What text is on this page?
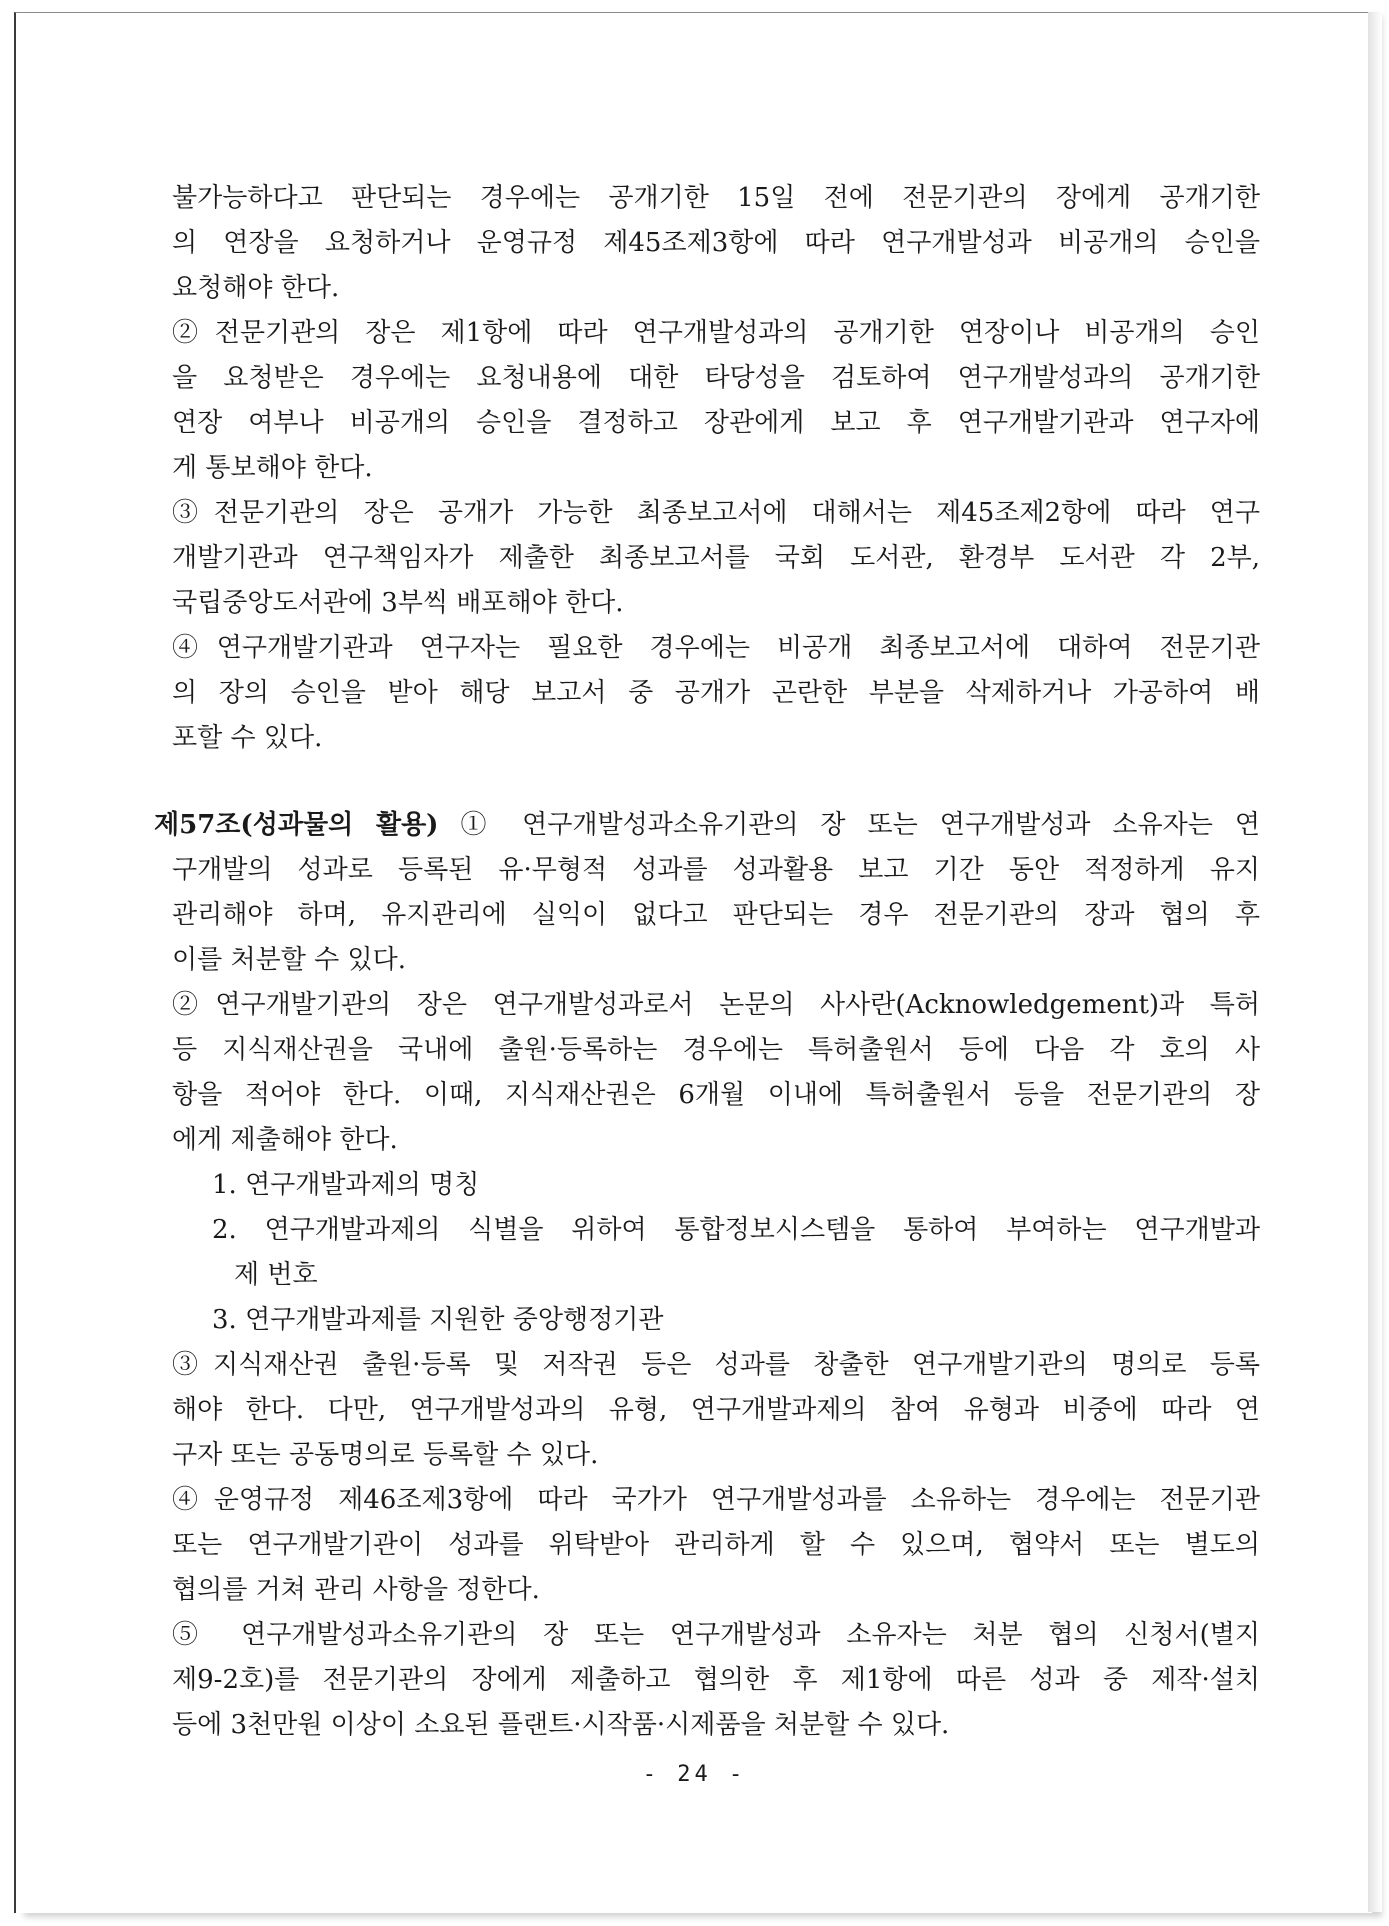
불가능하다고 판단되는 경우에는 공개기한 15일 전에 전문기관의 장에게 공개기한
의 연장을 요청하거나 운영규정 제45조제3항에 따라 연구개발성과 비공개의 승인을
요청해야 한다.
②전문기관의 장은 제1항에 따라 연구개발성과의 공개기한 연장이나 비공개의 승인
을 요청받은 경우에는 요청내용에 대한 타당성을 검토하여 연구개발성과의 공개기한
연장 여부나 비공개의 승인을 결정하고 장관에게 보고 후 연구개발기관과 연구자에
게 통보해야 한다.
③전문기관의 장은 공개가 가능한 최종보고서에 대해서는 제45조제2항에 따라 연구
개발기관과 연구책임자가 제출한 최종보고서를 국회 도서관, 환경부 도서관 각 2부,
국립중앙도서관에 3부씩 배포해야 한다.
④연구개발기관과 연구자는 필요한 경우에는 비공개 최종보고서에 대하여 전문기관
의 장의 승인을 받아 해당 보고서 중 공개가 곤란한 부분을 삭제하거나 가공하여 배
포할 수 있다.
제57조(성과물의 활용) ① 연구개발성과소유기관의 장 또는 연구개발성과 소유자는 연
구개발의 성과로 등록된 유·무형적 성과를 성과활용 보고 기간 동안 적정하게 유지
관리해야 하며, 유지관리에 실익이 없다고 판단되는 경우 전문기관의 장과 협의 후
이를 처분할 수 있다.
②연구개발기관의 장은 연구개발성과로서 논문의 사사란(Acknowledgement)과 특허
등 지식재산권을 국내에 출원·등록하는 경우에는 특허출원서 등에 다음 각 호의 사
항을 적어야 한다. 이때, 지식재산권은 6개월 이내에 특허출원서 등을 전문기관의 장
에게 제출해야 한다.
1. 연구개발과제의 명칭
2. 연구개발과제의 식별을 위하여 통합정보시스템을 통하여 부여하는 연구개발과
제 번호
3. 연구개발과제를 지원한 중앙행정기관
③지식재산권 출원·등록 및 저작권 등은 성과를 창출한 연구개발기관의 명의로 등록
해야 한다. 다만, 연구개발성과의 유형, 연구개발과제의 참여 유형과 비중에 따라 연
구자 또는 공동명의로 등록할 수 있다.
④운영규정 제46조제3항에 따라 국가가 연구개발성과를 소유하는 경우에는 전문기관
또는 연구개발기관이 성과를 위탁받아 관리하게 할 수 있으며, 협약서 또는 별도의
협의를 거쳐 관리 사항을 정한다.
⑤ 연구개발성과소유기관의 장 또는 연구개발성과 소유자는 처분 협의 신청서(별지
제9-2호)를 전문기관의 장에게 제출하고 협의한 후 제1항에 따른 성과 중 제작·설치
등에 3천만원 이상이 소요된 플랜트·시작품·시제품을 처분할 수 있다.
- 24 -
